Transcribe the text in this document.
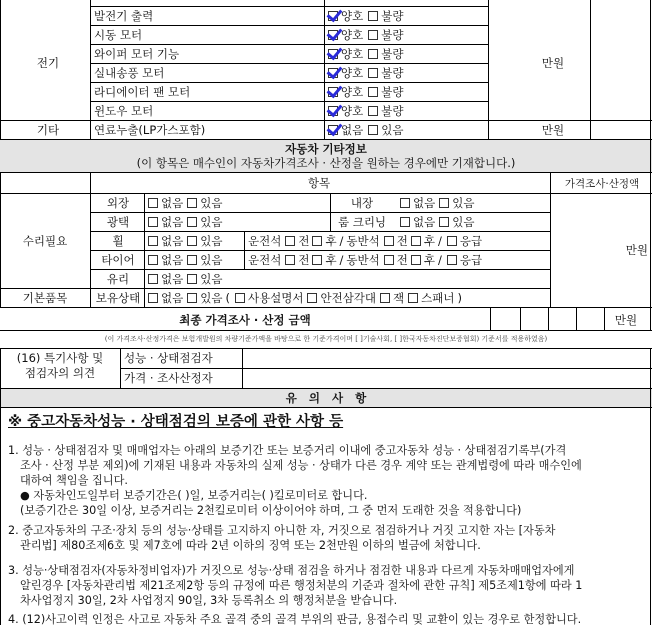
전기
발전기 출력	양호 불량
시동 모터	양호 불량
와이퍼 모터 기능	양호 불량
실내송풍 모터	양호 불량
라디에이터 팬 모터	양호 불량
윈도우 모터	양호 불량
만원
기타	연료누출(LP가스포함)	없음 있음	만원
자동차 기타정보
(이 항목은 매수인이 자동차가격조사 · 산정을 원하는 경우에만 기재합니다.)
항목	가격조사·산정액
수리필요
만원
외장	없음 있음	내장	없음 있음
광택	없음 있음	룸 크리닝	없음 있음
휠	없음 있음 운전석 전 후 / 동반석 전 후 / 응급
타이어	없음 있음 운전석 전 후 / 동반석 전 후 / 응급
유리	없음 있음
기본품목	보유상태	없음 있음 ( 사용설명서 안전삼각대 잭 스패너 )
최종 가격조사 · 산정 금액	만원
(이 가격조사·산정가격은 보험개발원의 차량기준가액을 바탕으로 한 기준가격이며 [ ]기술사회, [ ]한국자동차진단보증협회) 기준서를 적용하였음)
(16) 특기사항 및
점검자의 의견
성능 · 상태점검자
가격 · 조사산정자
유   의   사   항
※ 중고자동차성능 · 상태점검의 보증에 관한 사항 등
1. 성능 · 상태점검자 및 매매업자는 아래의 보증기간 또는 보증거리 이내에 중고자동차 성능 · 상태점검기록부(가격
조사 · 산정 부분 제외)에 기재된 내용과 자동차의 실제 성능 · 상태가 다른 경우 계약 또는 관계법령에 따라 매수인에
대하여 책임을 집니다.
● 자동차인도일부터 보증기간은( )일, 보증거리는( )킬로미터로 합니다.
(보증기간은 30일 이상, 보증거리는 2천킬로미터 이상이어야 하며, 그 중 먼저 도래한 것을 적용합니다)
2. 중고자동차의 구조·장치 등의 성능·상태를 고지하지 아니한 자, 거짓으로 점검하거나 거짓 고지한 자는 [자동차
관리법] 제80조제6호 및 제7호에 따라 2년 이하의 징역 또는 2천만원 이하의 벌금에 처합니다.
3. 성능·상태점검자(자동차정비업자)가 거짓으로 성능·상태 점검을 하거나 점검한 내용과 다르게 자동차매매업자에게
알린경우 [자동차관리법 제21조제2항 등의 규정에 따른 행정처분의 기준과 절차에 관한 규칙] 제5조제1항에 따라 1
차사업정지 30일, 2차 사업정지 90일, 3차 등록취소 의 행정처분을 받습니다.
4. (12)사고이력 인정은 사고로 자동차 주요 골격 중의 골격 부위의 판금, 용접수리 및 교환이 있는 경우로 한정합니다.
